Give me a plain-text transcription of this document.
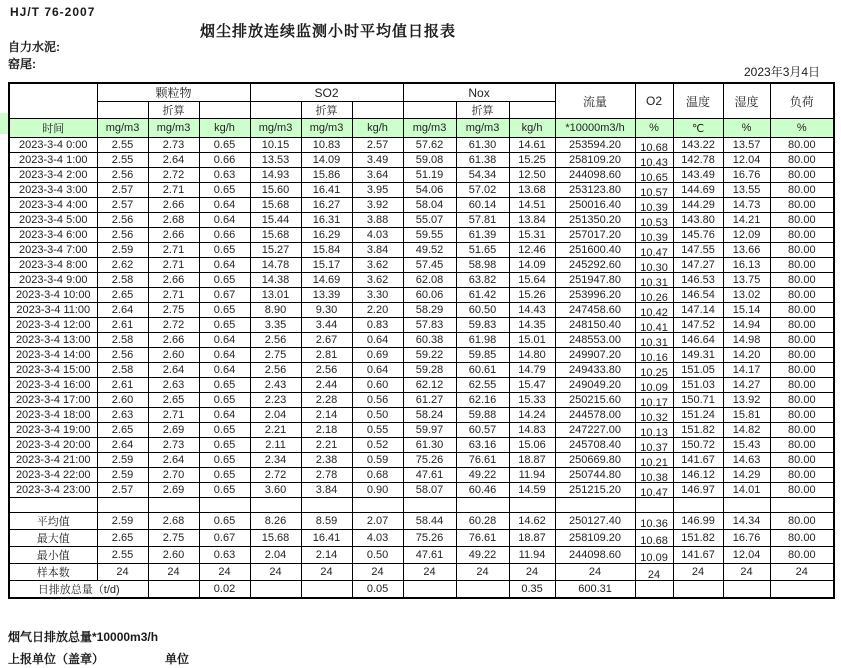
HJ/T 76-2007
烟尘排放连续监测小时平均值日报表
自力水泥:
窑尾:
2023年3月4日
	颗粒物			SO2			Nox			流量	O2	温度	湿度	负荷
		折算			折算			折算						
时间	mg/m3	mg/m3	kg/h	mg/m3	mg/m3	kg/h	mg/m3	mg/m3	kg/h	*10000m3/h	%	℃	%	%
2023-3-4 0:00	2.55	2.73	0.65	10.15	10.83	2.57	57.62	61.30	14.61	253594.20	10.68	143.22	13.57	80.00
2023-3-4 1:00	2.55	2.64	0.66	13.53	14.09	3.49	59.08	61.38	15.25	258109.20	10.43	142.78	12.04	80.00
2023-3-4 2:00	2.56	2.72	0.63	14.93	15.86	3.64	51.19	54.34	12.50	244098.60	10.65	143.49	16.76	80.00
2023-3-4 3:00	2.57	2.71	0.65	15.60	16.41	3.95	54.06	57.02	13.68	253123.80	10.57	144.69	13.55	80.00
2023-3-4 4:00	2.57	2.66	0.64	15.68	16.27	3.92	58.04	60.14	14.51	250016.40	10.39	144.29	14.73	80.00
2023-3-4 5:00	2.56	2.68	0.64	15.44	16.31	3.88	55.07	57.81	13.84	251350.20	10.53	143.80	14.21	80.00
2023-3-4 6:00	2.56	2.66	0.66	15.68	16.29	4.03	59.55	61.39	15.31	257017.20	10.39	145.76	12.09	80.00
2023-3-4 7:00	2.59	2.71	0.65	15.27	15.84	3.84	49.52	51.65	12.46	251600.40	10.47	147.55	13.66	80.00
2023-3-4 8:00	2.62	2.71	0.64	14.78	15.17	3.62	57.45	58.98	14.09	245292.60	10.30	147.27	16.13	80.00
2023-3-4 9:00	2.58	2.66	0.65	14.38	14.69	3.62	62.08	63.82	15.64	251947.80	10.31	146.53	13.75	80.00
2023-3-4 10:00	2.65	2.71	0.67	13.01	13.39	3.30	60.06	61.42	15.26	253996.20	10.26	146.54	13.02	80.00
2023-3-4 11:00	2.64	2.75	0.65	8.90	9.30	2.20	58.29	60.50	14.43	247458.60	10.42	147.14	15.14	80.00
2023-3-4 12:00	2.61	2.72	0.65	3.35	3.44	0.83	57.83	59.83	14.35	248150.40	10.41	147.52	14.94	80.00
2023-3-4 13:00	2.58	2.66	0.64	2.56	2.67	0.64	60.38	61.98	15.01	248553.00	10.31	146.64	14.98	80.00
2023-3-4 14:00	2.56	2.60	0.64	2.75	2.81	0.69	59.22	59.85	14.80	249907.20	10.16	149.31	14.20	80.00
2023-3-4 15:00	2.58	2.64	0.64	2.56	2.56	0.64	59.28	60.61	14.79	249433.80	10.25	151.05	14.17	80.00
2023-3-4 16:00	2.61	2.63	0.65	2.43	2.44	0.60	62.12	62.55	15.47	249049.20	10.09	151.03	14.27	80.00
2023-3-4 17:00	2.60	2.65	0.65	2.23	2.28	0.56	61.27	62.16	15.33	250215.60	10.17	150.71	13.92	80.00
2023-3-4 18:00	2.63	2.71	0.64	2.04	2.14	0.50	58.24	59.88	14.24	244578.00	10.32	151.24	15.81	80.00
2023-3-4 19:00	2.65	2.69	0.65	2.21	2.18	0.55	59.97	60.57	14.83	247227.00	10.13	151.82	14.82	80.00
2023-3-4 20:00	2.64	2.73	0.65	2.11	2.21	0.52	61.30	63.16	15.06	245708.40	10.37	150.72	15.43	80.00
2023-3-4 21:00	2.59	2.64	0.65	2.34	2.38	0.59	75.26	76.61	18.87	250669.80	10.21	141.67	14.63	80.00
2023-3-4 22:00	2.59	2.70	0.65	2.72	2.78	0.68	47.61	49.22	11.94	250744.80	10.38	146.12	14.29	80.00
2023-3-4 23:00	2.57	2.69	0.65	3.60	3.84	0.90	58.07	60.46	14.59	251215.20	10.47	146.97	14.01	80.00

平均值	2.59	2.68	0.65	8.26	8.59	2.07	58.44	60.28	14.62	250127.40	10.36	146.99	14.34	80.00
最大值	2.65	2.75	0.67	15.68	16.41	4.03	75.26	76.61	18.87	258109.20	10.68	151.82	16.76	80.00
最小值	2.55	2.60	0.63	2.04	2.14	0.50	47.61	49.22	11.94	244098.60	10.09	141.67	12.04	80.00
样本数	24	24	24	24	24	24	24	24	24	24	24	24	24	24
日排放总量（t/d)			0.02			0.05			0.35	600.31				
烟气日排放总量*10000m3/h
上报单位（盖章）	单位
